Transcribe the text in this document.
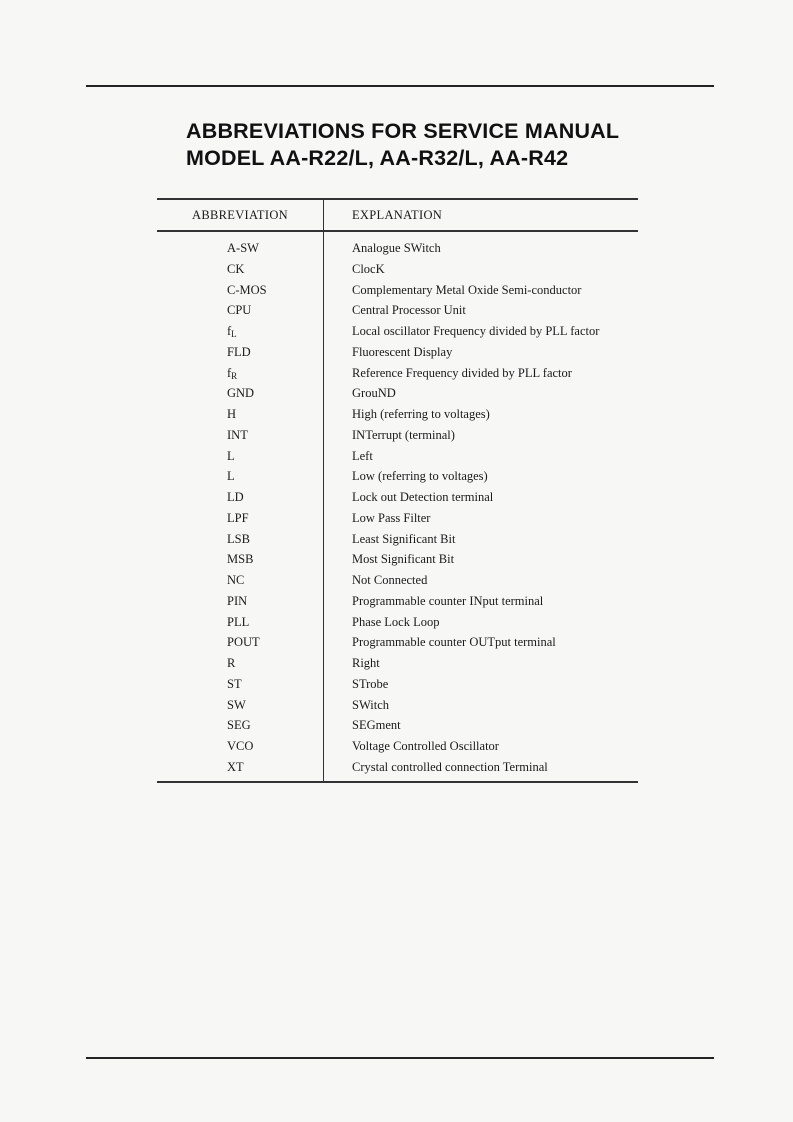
ABBREVIATIONS FOR SERVICE MANUAL
MODEL AA-R22/L, AA-R32/L, AA-R42
ABBREVIATION	EXPLANATION
A-SW	Analogue SWitch
CK	ClocK
C-MOS	Complementary Metal Oxide Semi-conductor
CPU	Central Processor Unit
$f_L$	Local oscillator Frequency divided by PLL factor
FLD	Fluorescent Display
$f_R$	Reference Frequency divided by PLL factor
GND	GrouND
H	High (referring to voltages)
INT	INTerrupt (terminal)
L	Left
L	Low (referring to voltages)
LD	Lock out Detection terminal
LPF	Low Pass Filter
LSB	Least Significant Bit
MSB	Most Significant Bit
NC	Not Connected
PIN	Programmable counter INput terminal
PLL	Phase Lock Loop
POUT	Programmable counter OUTput terminal
R	Right
ST	STrobe
SW	SWitch
SEG	SEGment
VCO	Voltage Controlled Oscillator
XT	Crystal controlled connection Terminal
